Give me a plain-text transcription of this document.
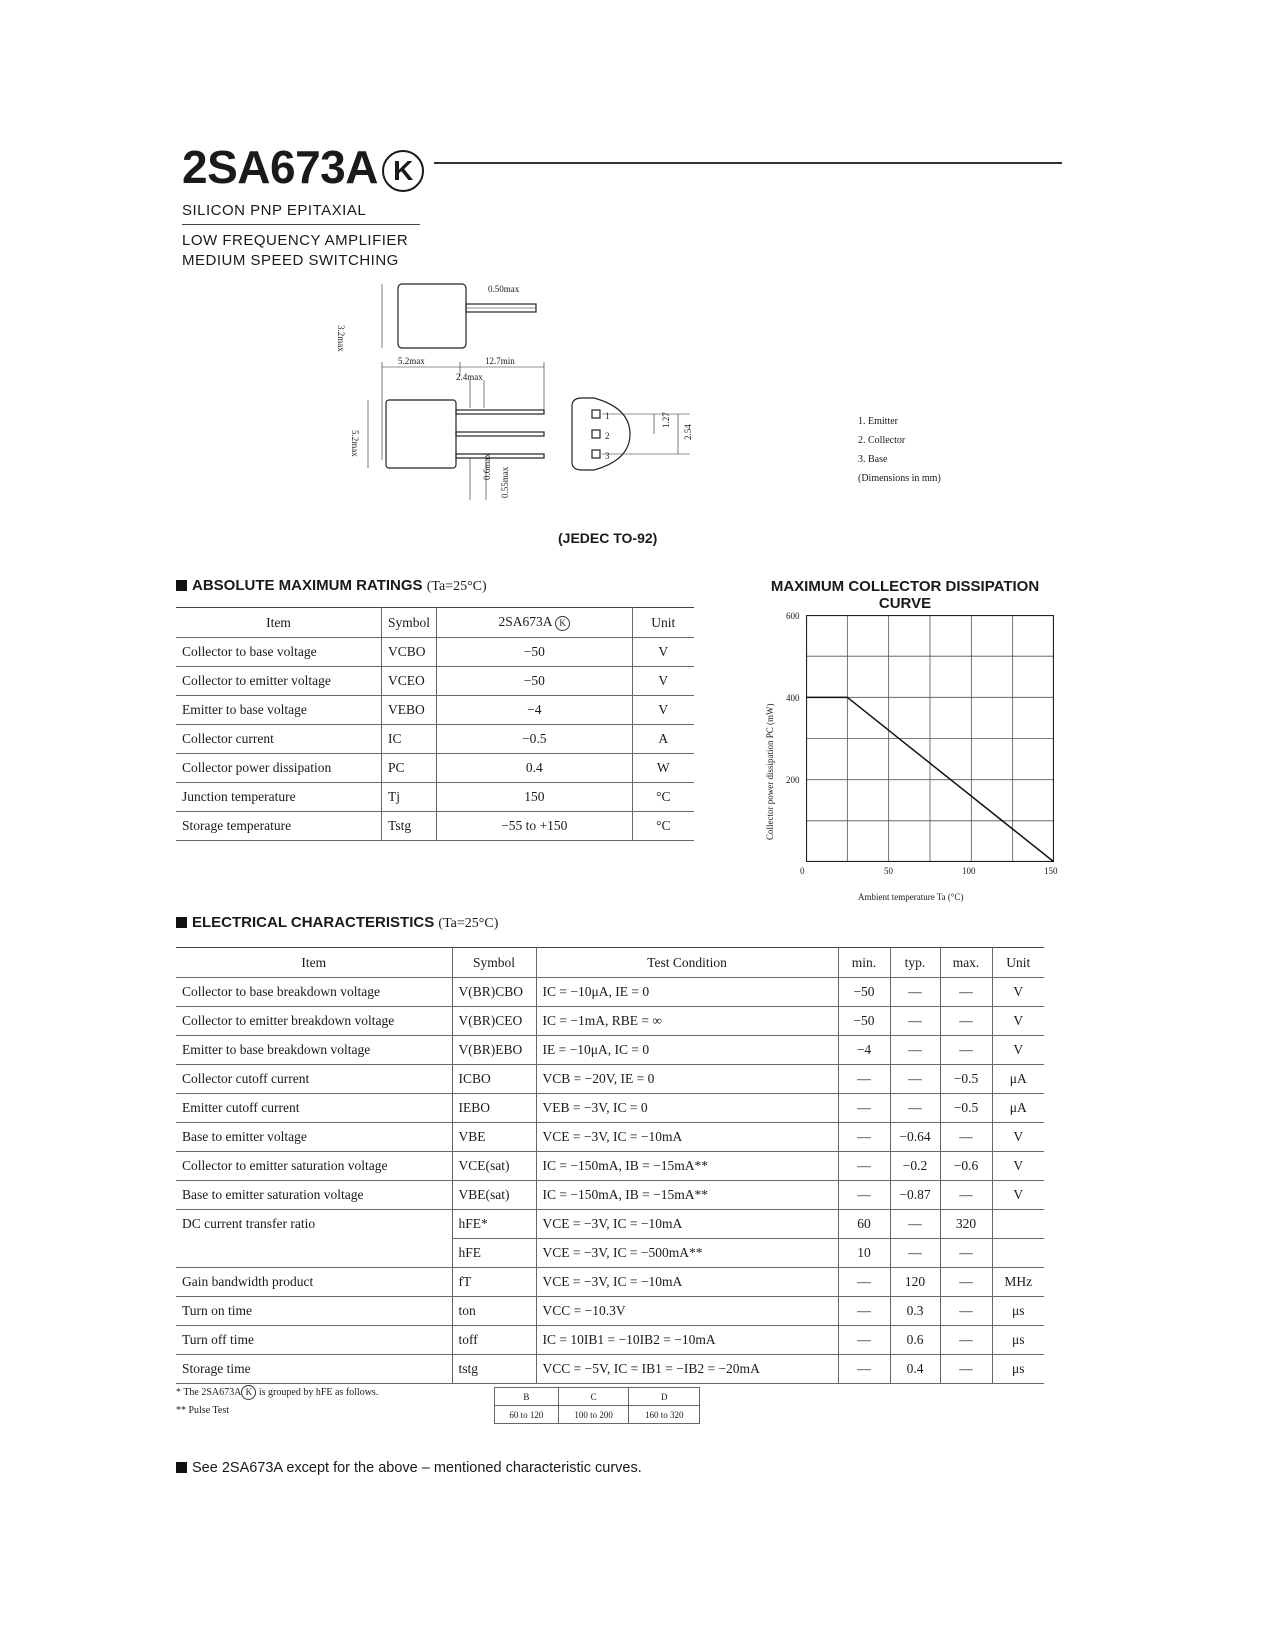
2SA673A K
SILICON PNP EPITAXIAL
LOW FREQUENCY AMPLIFIER
MEDIUM SPEED SWITCHING
0.50max
3.2max
5.2max	12.7min
2.4max
5.2max
0.6max
0.55max
1.27
2.54
1
2
3
1. Emitter
2. Collector
3. Base
(Dimensions in mm)
(JEDEC TO-92)
ABSOLUTE MAXIMUM RATINGS (Ta=25°C)
Item	Symbol	2SA673A K	Unit
Collector to base voltage	VCBO	−50	V
Collector to emitter voltage	VCEO	−50	V
Emitter to base voltage	VEBO	−4	V
Collector current	IC	−0.5	A
Collector power dissipation	PC	0.4	W
Junction temperature	Tj	150	°C
Storage temperature	Tstg	−55 to +150	°C
MAXIMUM COLLECTOR DISSIPATION
CURVE
Collector power dissipation PC (mW)
Ambient temperature Ta (°C)
600
400
200
0	50	100	150
ELECTRICAL CHARACTERISTICS (Ta=25°C)
Item	Symbol	Test Condition	min.	typ.	max.	Unit
Collector to base breakdown voltage	V(BR)CBO	IC = −10μA, IE = 0	−50	—	—	V
Collector to emitter breakdown voltage	V(BR)CEO	IC = −1mA, RBE = ∞	−50	—	—	V
Emitter to base breakdown voltage	V(BR)EBO	IE = −10μA, IC = 0	−4	—	—	V
Collector cutoff current	ICBO	VCB = −20V, IE = 0	—	—	−0.5	μA
Emitter cutoff current	IEBO	VEB = −3V, IC = 0	—	—	−0.5	μA
Base to emitter voltage	VBE	VCE = −3V, IC = −10mA	—	−0.64	—	V
Collector to emitter saturation voltage	VCE(sat)	IC = −150mA, IB = −15mA**	—	−0.2	−0.6	V
Base to emitter saturation voltage	VBE(sat)	IC = −150mA, IB = −15mA**	—	−0.87	—	V
DC current transfer ratio	hFE*	VCE = −3V, IC = −10mA	60	—	320	
	hFE	VCE = −3V, IC = −500mA**	10	—	—	
Gain bandwidth product	fT	VCE = −3V, IC = −10mA	—	120	—	MHz
Turn on time	ton	VCC = −10.3V	—	0.3	—	μs
Turn off time	toff	IC = 10IB1 = −10IB2 = −10mA	—	0.6	—	μs
Storage time	tstg	VCC = −5V, IC = IB1 = −IB2 = −20mA	—	0.4	—	μs
* The 2SA673A K is grouped by hFE as follows.
** Pulse Test
B	C	D
60 to 120	100 to 200	160 to 320
See 2SA673A except for the above – mentioned characteristic curves.
